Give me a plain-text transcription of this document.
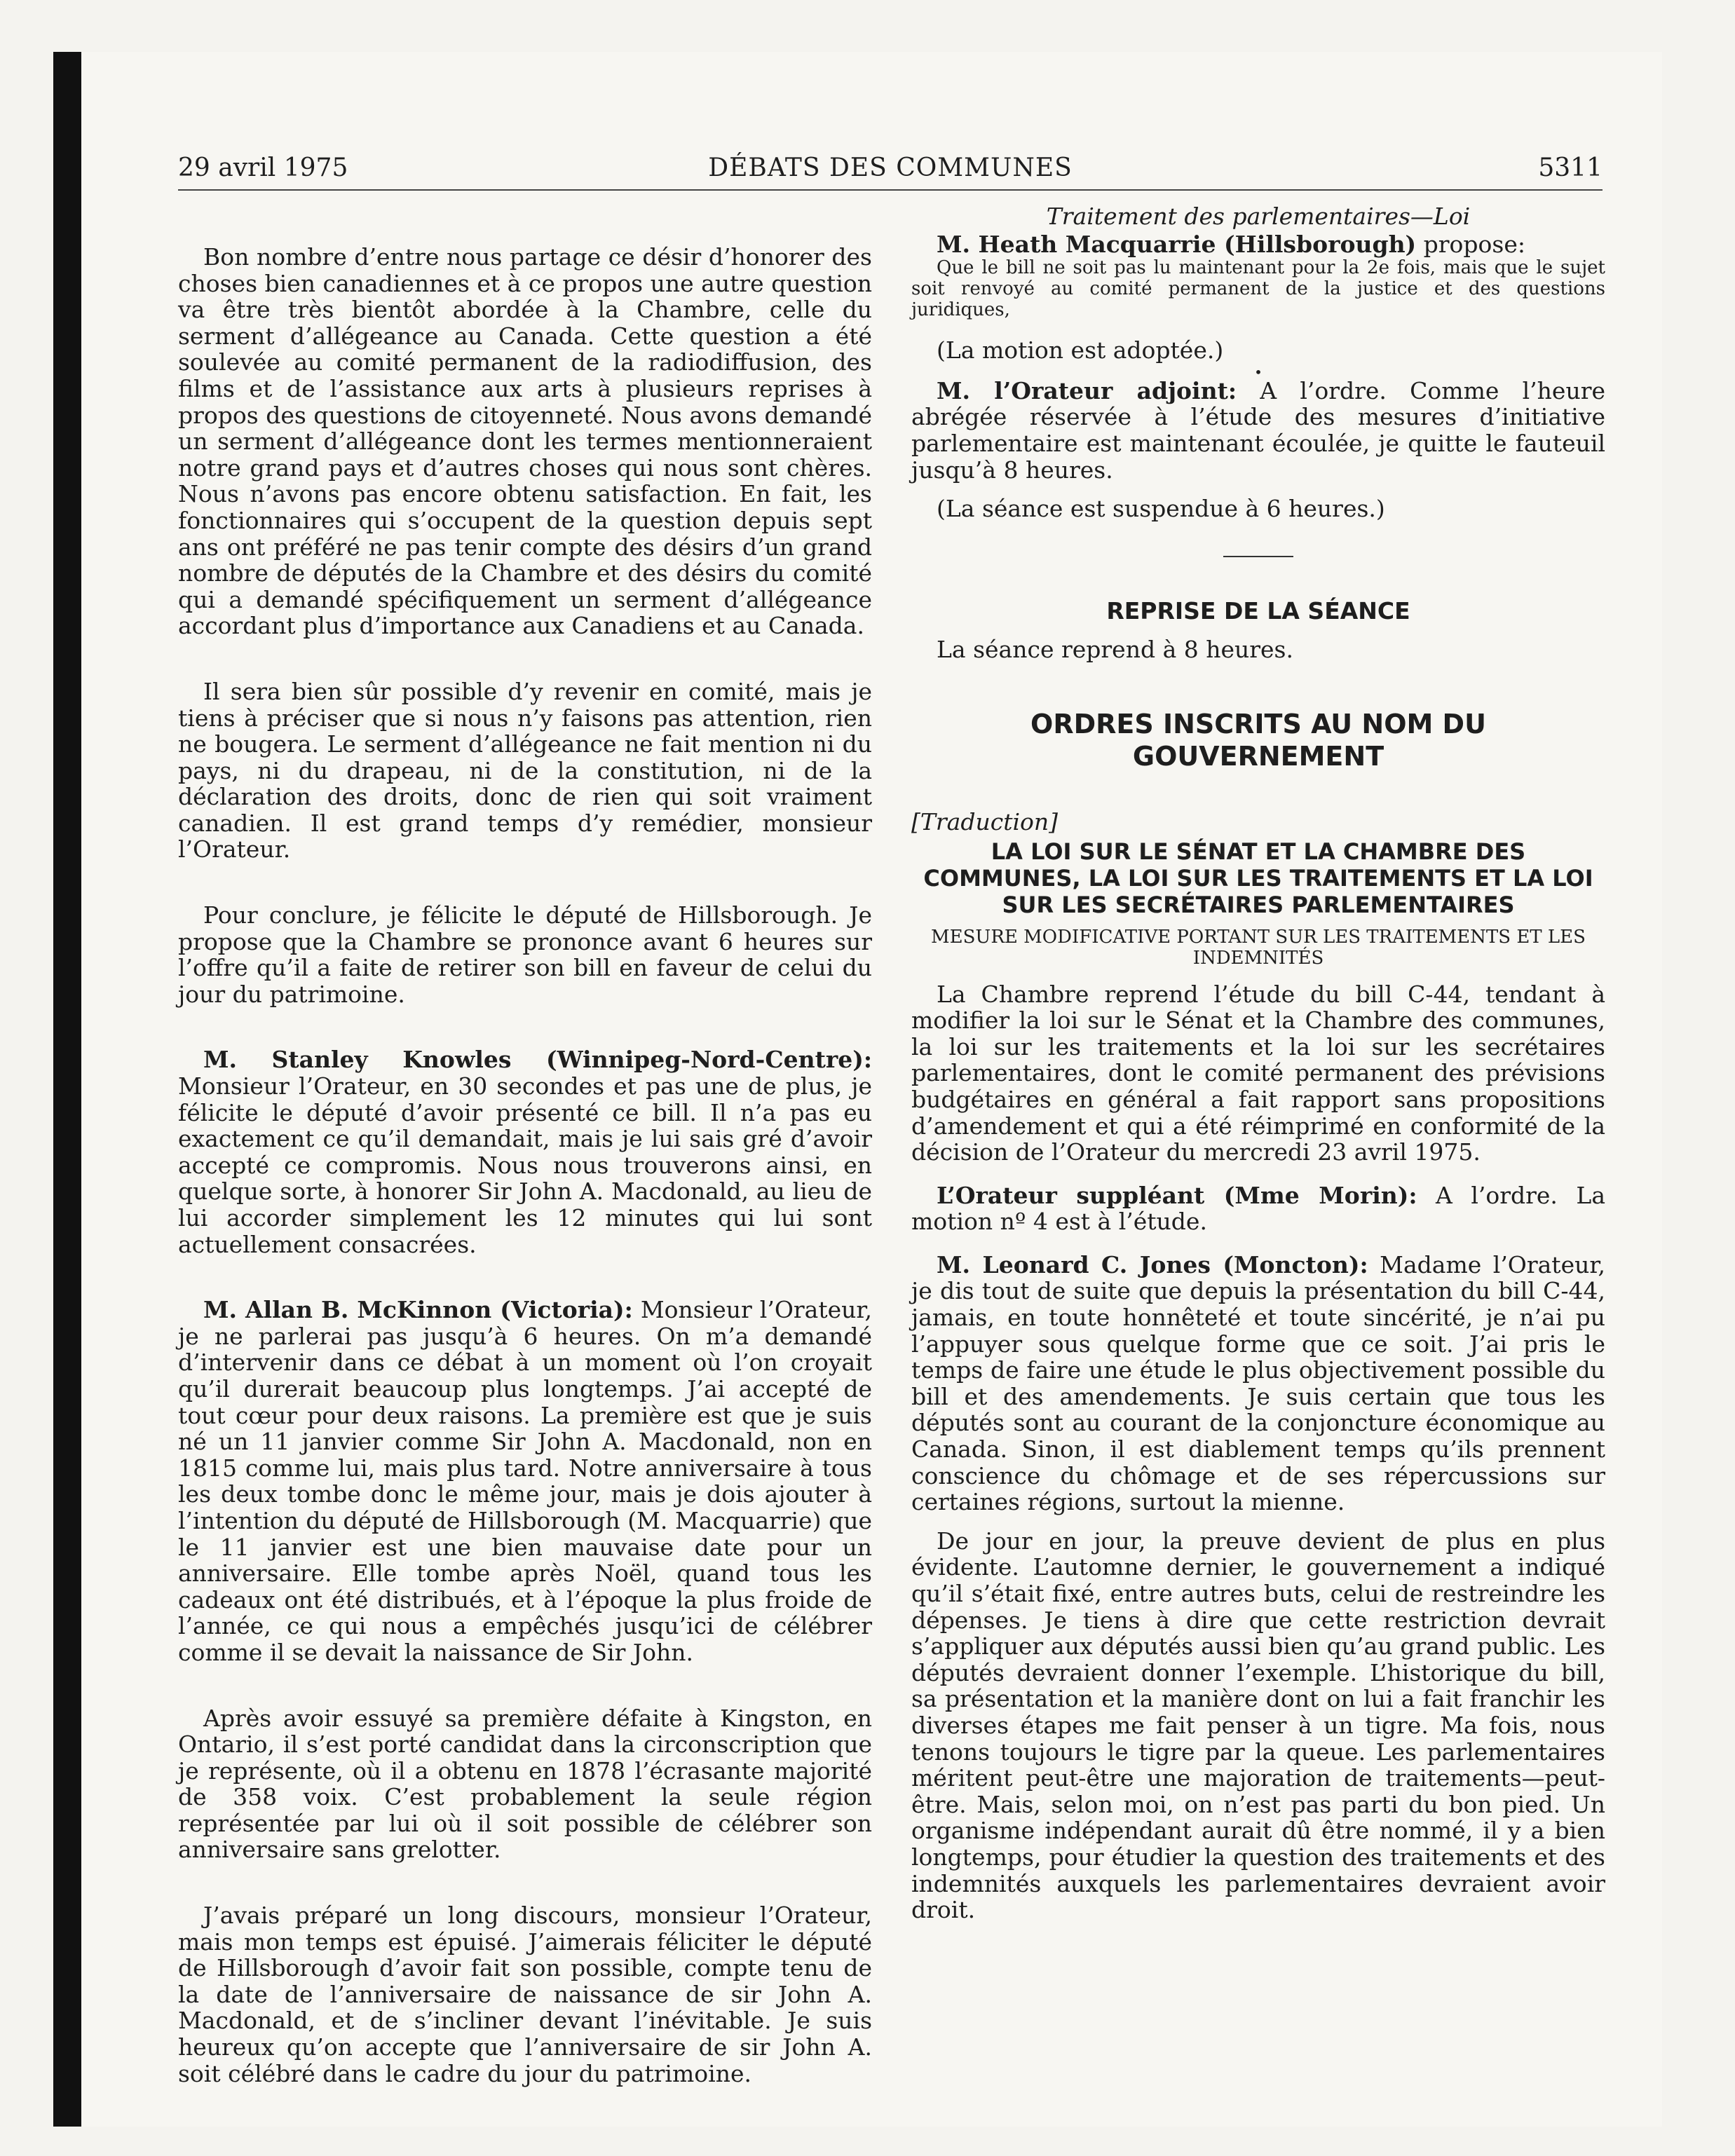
29 avril 1975	DÉBATS DES COMMUNES	5311

Bon nombre d’entre nous partage ce désir d’honorer des choses bien canadiennes et à ce propos une autre question va être très bientôt abordée à la Chambre, celle du serment d’allégeance au Canada. Cette question a été soulevée au comité permanent de la radiodiffusion, des films et de l’assistance aux arts à plusieurs reprises à propos des questions de citoyenneté. Nous avons demandé un serment d’allégeance dont les termes mentionneraient notre grand pays et d’autres choses qui nous sont chères. Nous n’avons pas encore obtenu satisfaction. En fait, les fonctionnaires qui s’occupent de la question depuis sept ans ont préféré ne pas tenir compte des désirs d’un grand nombre de députés de la Chambre et des désirs du comité qui a demandé spécifiquement un serment d’allégeance accordant plus d’importance aux Canadiens et au Canada.

Il sera bien sûr possible d’y revenir en comité, mais je tiens à préciser que si nous n’y faisons pas attention, rien ne bougera. Le serment d’allégeance ne fait mention ni du pays, ni du drapeau, ni de la constitution, ni de la déclaration des droits, donc de rien qui soit vraiment canadien. Il est grand temps d’y remédier, monsieur l’Orateur.

Pour conclure, je félicite le député de Hillsborough. Je propose que la Chambre se prononce avant 6 heures sur l’offre qu’il a faite de retirer son bill en faveur de celui du jour du patrimoine.

M. Stanley Knowles (Winnipeg-Nord-Centre): Monsieur l’Orateur, en 30 secondes et pas une de plus, je félicite le député d’avoir présenté ce bill. Il n’a pas eu exactement ce qu’il demandait, mais je lui sais gré d’avoir accepté ce compromis. Nous nous trouverons ainsi, en quelque sorte, à honorer Sir John A. Macdonald, au lieu de lui accorder simplement les 12 minutes qui lui sont actuellement consacrées.

M. Allan B. McKinnon (Victoria): Monsieur l’Orateur, je ne parlerai pas jusqu’à 6 heures. On m’a demandé d’intervenir dans ce débat à un moment où l’on croyait qu’il durerait beaucoup plus longtemps. J’ai accepté de tout cœur pour deux raisons. La première est que je suis né un 11 janvier comme Sir John A. Macdonald, non en 1815 comme lui, mais plus tard. Notre anniversaire à tous les deux tombe donc le même jour, mais je dois ajouter à l’intention du député de Hillsborough (M. Macquarrie) que le 11 janvier est une bien mauvaise date pour un anniversaire. Elle tombe après Noël, quand tous les cadeaux ont été distribués, et à l’époque la plus froide de l’année, ce qui nous a empêchés jusqu’ici de célébrer comme il se devait la naissance de Sir John.

Après avoir essuyé sa première défaite à Kingston, en Ontario, il s’est porté candidat dans la circonscription que je représente, où il a obtenu en 1878 l’écrasante majorité de 358 voix. C’est probablement la seule région représentée par lui où il soit possible de célébrer son anniversaire sans grelotter.

J’avais préparé un long discours, monsieur l’Orateur, mais mon temps est épuisé. J’aimerais féliciter le député de Hillsborough d’avoir fait son possible, compte tenu de la date de l’anniversaire de naissance de sir John A. Macdonald, et de s’incliner devant l’inévitable. Je suis heureux qu’on accepte que l’anniversaire de sir John A. soit célébré dans le cadre du jour du patrimoine.

Traitement des parlementaires—Loi

M. Heath Macquarrie (Hillsborough) propose:

Que le bill ne soit pas lu maintenant pour la 2e fois, mais que le sujet soit renvoyé au comité permanent de la justice et des questions juridiques,

(La motion est adoptée.)

•

M. l’Orateur adjoint: A l’ordre. Comme l’heure abrégée réservée à l’étude des mesures d’initiative parlementaire est maintenant écoulée, je quitte le fauteuil jusqu’à 8 heures.

(La séance est suspendue à 6 heures.)

REPRISE DE LA SÉANCE

La séance reprend à 8 heures.

ORDRES INSCRITS AU NOM DU GOUVERNEMENT

[Traduction]

LA LOI SUR LE SÉNAT ET LA CHAMBRE DES COMMUNES, LA LOI SUR LES TRAITEMENTS ET LA LOI SUR LES SECRÉTAIRES PARLEMENTAIRES

MESURE MODIFICATIVE PORTANT SUR LES TRAITEMENTS ET LES INDEMNITÉS

La Chambre reprend l’étude du bill C-44, tendant à modifier la loi sur le Sénat et la Chambre des communes, la loi sur les traitements et la loi sur les secrétaires parlementaires, dont le comité permanent des prévisions budgétaires en général a fait rapport sans propositions d’amendement et qui a été réimprimé en conformité de la décision de l’Orateur du mercredi 23 avril 1975.

L’Orateur suppléant (Mme Morin): A l’ordre. La motion nº 4 est à l’étude.

M. Leonard C. Jones (Moncton): Madame l’Orateur, je dis tout de suite que depuis la présentation du bill C-44, jamais, en toute honnêteté et toute sincérité, je n’ai pu l’appuyer sous quelque forme que ce soit. J’ai pris le temps de faire une étude le plus objectivement possible du bill et des amendements. Je suis certain que tous les députés sont au courant de la conjoncture économique au Canada. Sinon, il est diablement temps qu’ils prennent conscience du chômage et de ses répercussions sur certaines régions, surtout la mienne.

De jour en jour, la preuve devient de plus en plus évidente. L’automne dernier, le gouvernement a indiqué qu’il s’était fixé, entre autres buts, celui de restreindre les dépenses. Je tiens à dire que cette restriction devrait s’appliquer aux députés aussi bien qu’au grand public. Les députés devraient donner l’exemple. L’historique du bill, sa présentation et la manière dont on lui a fait franchir les diverses étapes me fait penser à un tigre. Ma fois, nous tenons toujours le tigre par la queue. Les parlementaires méritent peut-être une majoration de traitements—peut-être. Mais, selon moi, on n’est pas parti du bon pied. Un organisme indépendant aurait dû être nommé, il y a bien longtemps, pour étudier la question des traitements et des indemnités auxquels les parlementaires devraient avoir droit.
